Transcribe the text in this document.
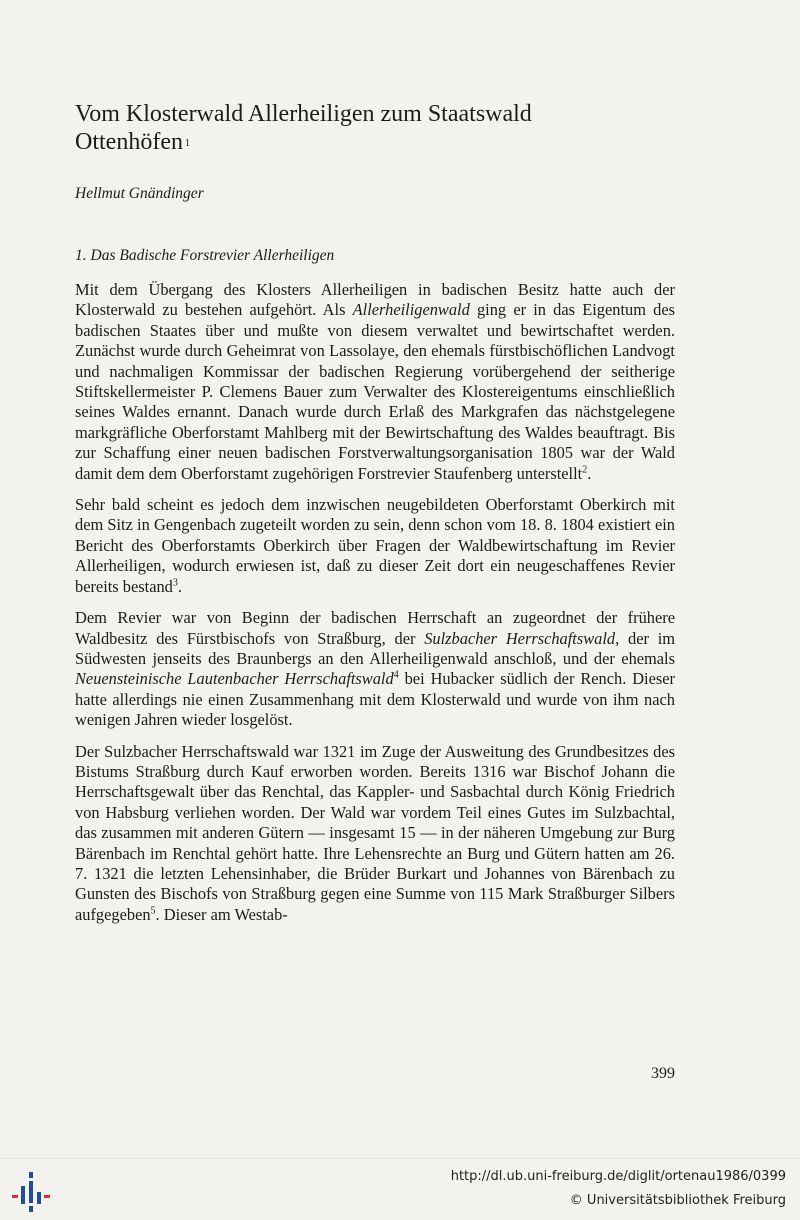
Vom Klosterwald Allerheiligen zum Staatswald Ottenhöfen $^1$
Hellmut Gnändinger
1. Das Badische Forstrevier Allerheiligen

Mit dem Übergang des Klosters Allerheiligen in badischen Besitz hatte auch der Klosterwald zu bestehen aufgehört. Als Allerheiligenwald ging er in das Eigentum des badischen Staates über und mußte von diesem verwaltet und bewirtschaftet werden. Zunächst wurde durch Geheimrat von Lassolaye, den ehemals fürstbischöflichen Landvogt und nachmaligen Kommissar der badischen Regierung vorübergehend der seitherige Stiftskellermeister P. Clemens Bauer zum Verwalter des Klostereigentums einschließlich seines Waldes ernannt. Danach wurde durch Erlaß des Markgrafen das nächstgelegene markgräfliche Oberforstamt Mahlberg mit der Bewirtschaftung des Waldes beauftragt. Bis zur Schaffung einer neuen badischen Forstverwaltungsorganisation 1805 war der Wald damit dem dem Oberforstamt zugehörigen Forstrevier Staufenberg unterstellt$^2$.

Sehr bald scheint es jedoch dem inzwischen neugebildeten Oberforstamt Oberkirch mit dem Sitz in Gengenbach zugeteilt worden zu sein, denn schon vom 18. 8. 1804 existiert ein Bericht des Oberforstamts Oberkirch über Fragen der Waldbewirtschaftung im Revier Allerheiligen, wodurch erwiesen ist, daß zu dieser Zeit dort ein neugeschaffenes Revier bereits bestand$^3$.

Dem Revier war von Beginn der badischen Herrschaft an zugeordnet der frühere Waldbesitz des Fürstbischofs von Straßburg, der Sulzbacher Herrschaftswald, der im Südwesten jenseits des Braunbergs an den Allerheiligenwald anschloß, und der ehemals Neuensteinische Lautenbacher Herrschaftswald$^4$ bei Hubacker südlich der Rench. Dieser hatte allerdings nie einen Zusammenhang mit dem Klosterwald und wurde von ihm nach wenigen Jahren wieder losgelöst.

Der Sulzbacher Herrschaftswald war 1321 im Zuge der Ausweitung des Grundbesitzes des Bistums Straßburg durch Kauf erworben worden. Bereits 1316 war Bischof Johann die Herrschaftsgewalt über das Renchtal, das Kappler- und Sasbachtal durch König Friedrich von Habsburg verliehen worden. Der Wald war vordem Teil eines Gutes im Sulzbachtal, das zusammen mit anderen Gütern — insgesamt 15 — in der näheren Umgebung zur Burg Bärenbach im Renchtal gehört hatte. Ihre Lehensrechte an Burg und Gütern hatten am 26. 7. 1321 die letzten Lehensinhaber, die Brüder Burkart und Johannes von Bärenbach zu Gunsten des Bischofs von Straßburg gegen eine Summe von 115 Mark Straßburger Silbers aufgegeben$^5$. Dieser am Westab-

399
http://dl.ub.uni-freiburg.de/diglit/ortenau1986/0399
© Universitätsbibliothek Freiburg
